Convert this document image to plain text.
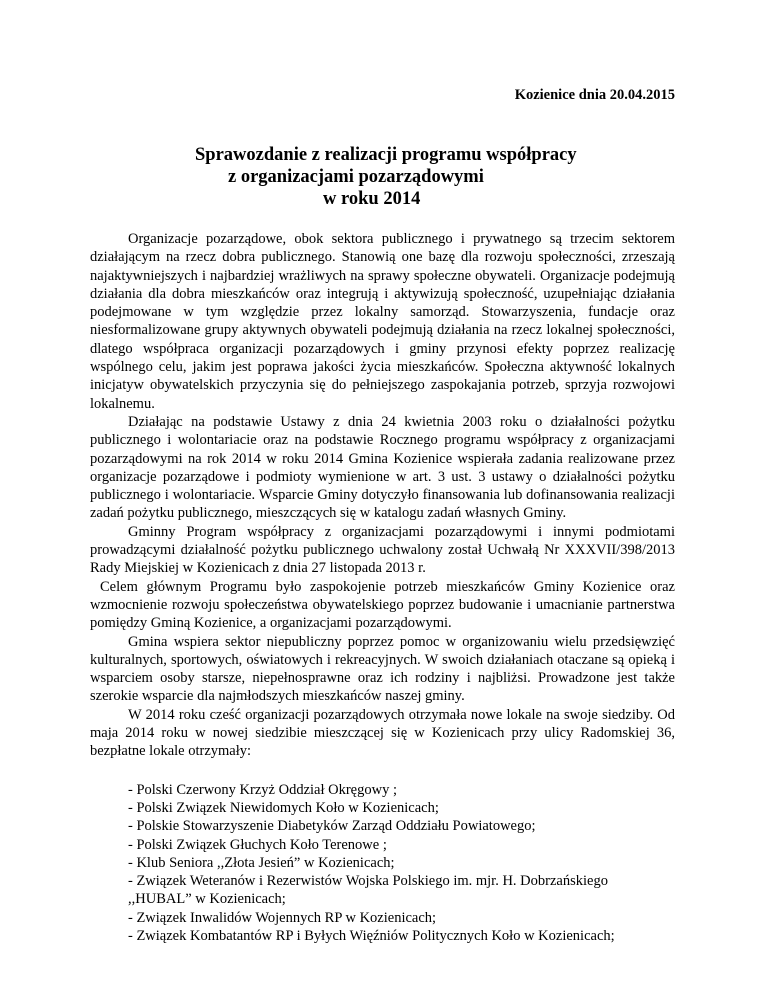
Kozienice dnia 20.04.2015

Sprawozdanie z realizacji programu współpracy
z organizacjami pozarządowymi
w roku 2014

Organizacje pozarządowe, obok sektora publicznego i prywatnego są trzecim sektorem działającym na rzecz dobra publicznego. Stanowią one bazę dla rozwoju społeczności, zrzeszają najaktywniejszych i najbardziej wrażliwych na sprawy społeczne obywateli. Organizacje podejmują działania dla dobra mieszkańców oraz integrują i aktywizują społeczność, uzupełniając działania podejmowane w tym względzie przez lokalny samorząd. Stowarzyszenia, fundacje oraz niesformalizowane grupy aktywnych obywateli podejmują działania na rzecz lokalnej społeczności, dlatego współpraca organizacji pozarządowych i gminy przynosi efekty poprzez realizację wspólnego celu, jakim jest poprawa jakości życia mieszkańców. Społeczna aktywność lokalnych inicjatyw obywatelskich przyczynia się do pełniejszego zaspokajania potrzeb, sprzyja rozwojowi lokalnemu.

Działając na podstawie Ustawy z dnia 24 kwietnia 2003 roku o działalności pożytku publicznego i wolontariacie oraz na podstawie Rocznego programu współpracy z organizacjami pozarządowymi na rok 2014 w roku 2014 Gmina Kozienice wspierała zadania realizowane przez organizacje pozarządowe i podmioty wymienione w art. 3 ust. 3 ustawy o działalności pożytku publicznego i wolontariacie. Wsparcie Gminy dotyczyło finansowania lub dofinansowania realizacji zadań pożytku publicznego, mieszczących się w katalogu zadań własnych Gminy.

Gminny Program współpracy z organizacjami pozarządowymi i innymi podmiotami prowadzącymi działalność pożytku publicznego uchwalony został Uchwałą Nr XXXVII/398/2013 Rady Miejskiej w Kozienicach z dnia 27 listopada 2013 r.

Celem głównym Programu było zaspokojenie potrzeb mieszkańców Gminy Kozienice oraz wzmocnienie rozwoju społeczeństwa obywatelskiego poprzez budowanie i umacnianie partnerstwa pomiędzy Gminą Kozienice, a organizacjami pozarządowymi.

Gmina wspiera sektor niepubliczny poprzez pomoc w organizowaniu wielu przedsięwzięć kulturalnych, sportowych, oświatowych i rekreacyjnych. W swoich działaniach otaczane są opieką i wsparciem osoby starsze, niepełnosprawne oraz ich rodziny i najbliżsi. Prowadzone jest także szerokie wsparcie dla najmłodszych mieszkańców naszej gminy.

W 2014 roku cześć organizacji pozarządowych otrzymała nowe lokale na swoje siedziby. Od maja 2014 roku w nowej siedzibie mieszczącej się w Kozienicach przy ulicy Radomskiej 36, bezpłatne lokale otrzymały:

- Polski Czerwony Krzyż Oddział Okręgowy ;
- Polski Związek Niewidomych Koło w Kozienicach;
- Polskie Stowarzyszenie Diabetyków Zarząd Oddziału Powiatowego;
- Polski Związek Głuchych Koło Terenowe ;
- Klub Seniora ,,Złota Jesień” w Kozienicach;
- Związek Weteranów i Rezerwistów Wojska Polskiego im. mjr. H. Dobrzańskiego ,,HUBAL” w Kozienicach;
- Związek Inwalidów Wojennych RP w Kozienicach;
- Związek Kombatantów RP i Byłych Więźniów Politycznych Koło w Kozienicach;
